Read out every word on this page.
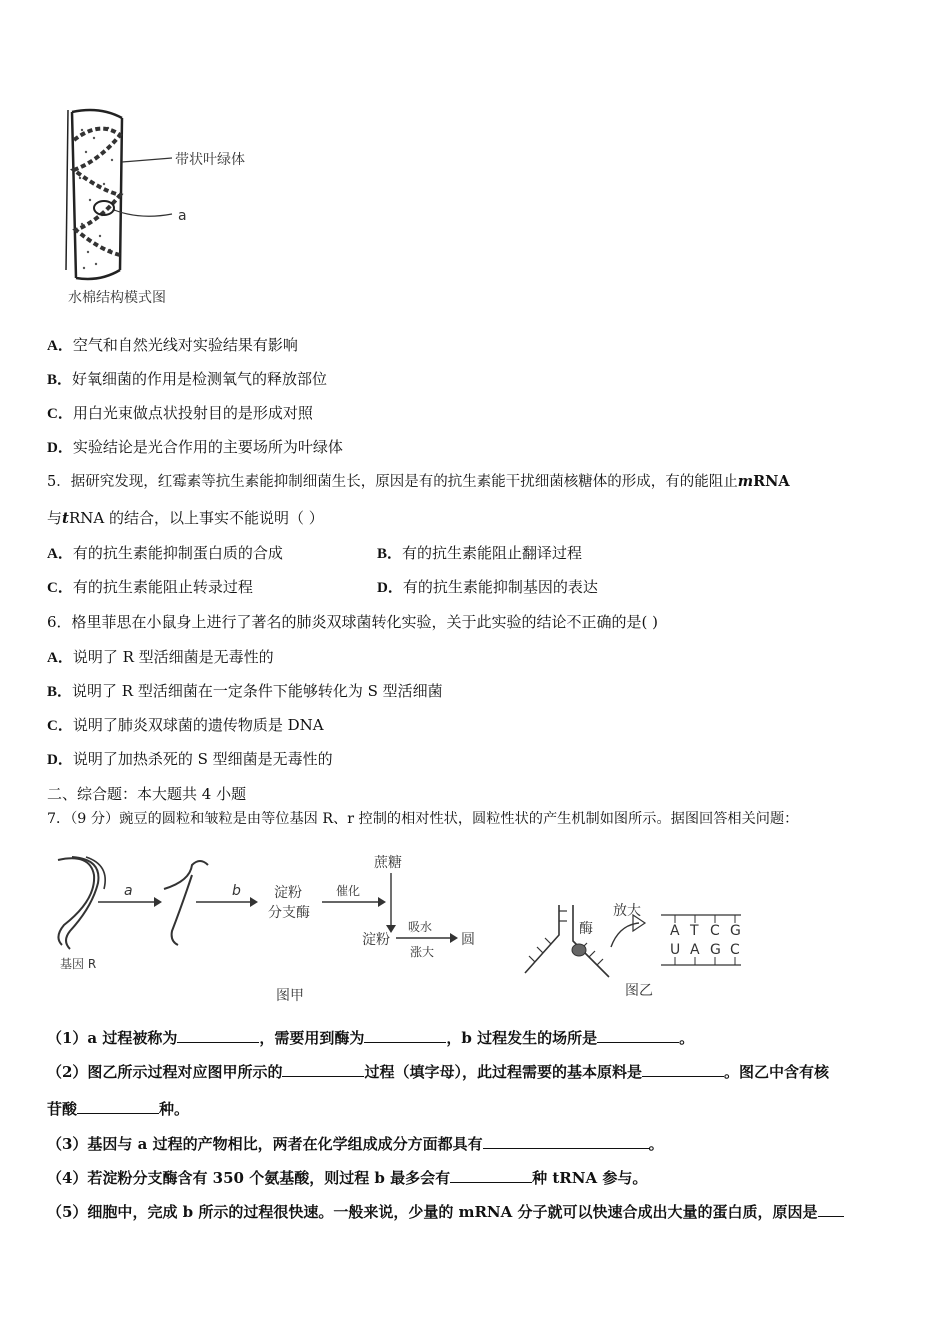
带状叶绿体
a
水棉结构模式图
A．空气和自然光线对实验结果有影响
B．好氧细菌的作用是检测氧气的释放部位
C．用白光束做点状投射目的是形成对照
D．实验结论是光合作用的主要场所为叶绿体
5．据研究发现，红霉素等抗生素能抑制细菌生长，原因是有的抗生素能干扰细菌核糖体的形成，有的能阻止mRNA
与tRNA 的结合，以上事实不能说明（ ）
A．有的抗生素能抑制蛋白质的合成	B．有的抗生素能阻止翻译过程
C．有的抗生素能阻止转录过程	D．有的抗生素能抑制基因的表达
6．格里菲思在小鼠身上进行了著名的肺炎双球菌转化实验，关于此实验的结论不正确的是( )
A．说明了 R 型活细菌是无毒性的
B．说明了 R 型活细菌在一定条件下能够转化为 S 型活细菌
C．说明了肺炎双球菌的遗传物质是 DNA
D．说明了加热杀死的 S 型细菌是无毒性的
二、综合题：本大题共 4 小题
7．（9 分）豌豆的圆粒和皱粒是由等位基因 R、r 控制的相对性状，圆粒性状的产生机制如图所示。据图回答相关问题：
基因 R
a	b 淀粉
分支酶
催化
蔗糖
淀粉
吸水
涨大
圆
图甲
酶
放大
A T C G
U A G C
图乙
（1）a 过程被称为	，需要用到酶为	，b 过程发生的场所是	。
（2）图乙所示过程对应图甲所示的	过程（填字母），此过程需要的基本原料是	。图乙中含有核
苷酸	种。
（3）基因与 a 过程的产物相比，两者在化学组成成分方面都具有	。
（4）若淀粉分支酶含有 350 个氨基酸，则过程 b 最多会有	种 tRNA 参与。
（5）细胞中，完成 b 所示的过程很快速。一般来说，少量的 mRNA 分子就可以快速合成出大量的蛋白质，原因是
